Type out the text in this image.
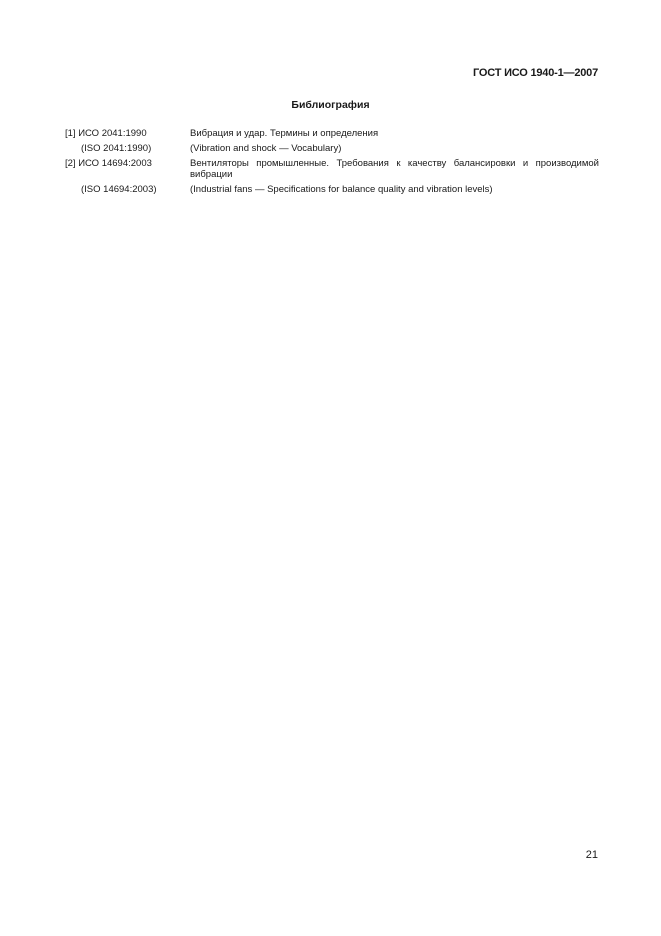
ГОСТ ИСО 1940-1—2007
Библиография
[1] ИСО 2041:1990	Вибрация и удар. Термины и определения
(ISO 2041:1990)	(Vibration and shock — Vocabulary)
[2] ИСО 14694:2003	Вентиляторы промышленные. Требования к качеству балансировки и производимой вибрации
(ISO 14694:2003)	(Industrial fans — Specifications for balance quality and vibration levels)
21
